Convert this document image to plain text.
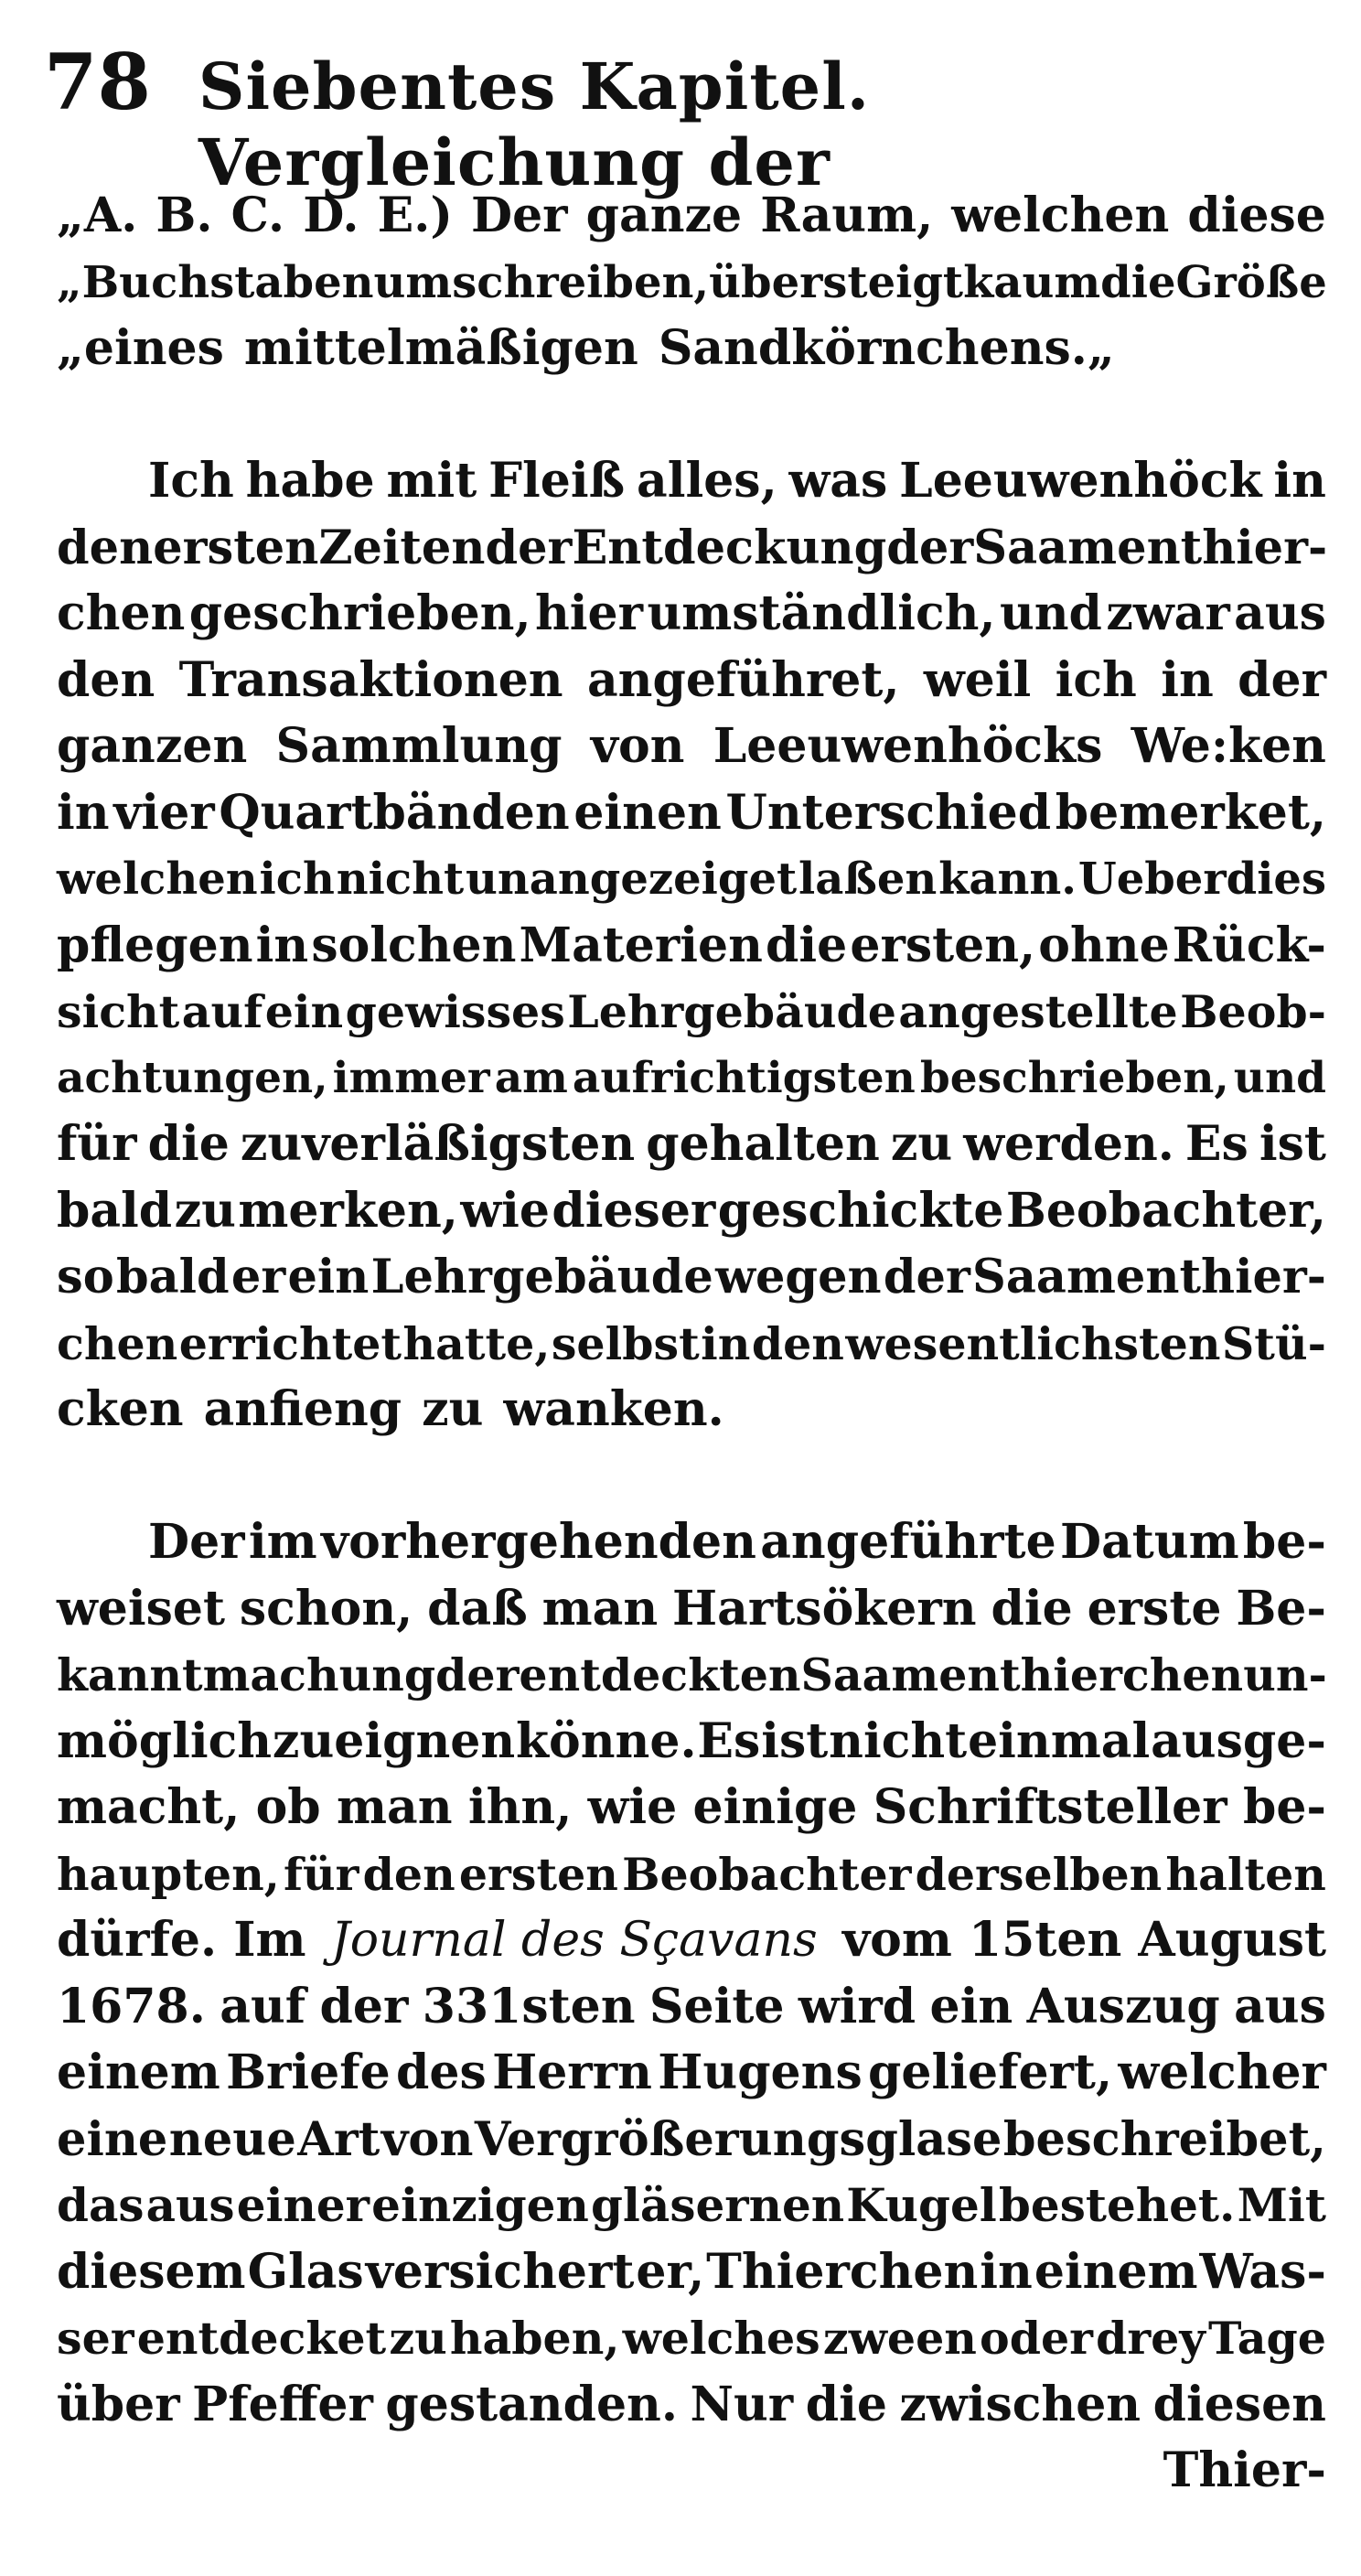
78 Siebentes Kapitel. Vergleichung der
„A. B. C. D. E.) Der ganze Raum, welchen diese
„Buchstaben umschreiben, übersteigt kaum die Größe
„eines mittelmäßigen Sandkörnchens.„
Ich habe mit Fleiß alles, was Leeuwenhöck in
den ersten Zeiten der Entdeckung der Saamenthier-
chen geschrieben, hier umständlich, und zwar aus
den Transaktionen angeführet, weil ich in der
ganzen Sammlung von Leeuwenhöcks We:ken
in vier Quartbänden einen Unterschied bemerket,
welchen ich nicht unangezeiget laßen kann. Ueberdies
pflegen in solchen Materien die ersten, ohne Rück-
sicht auf ein gewisses Lehrgebäude angestellte Beob-
achtungen, immer am aufrichtigsten beschrieben, und
für die zuverläßigsten gehalten zu werden. Es ist
bald zu merken, wie dieser geschickte Beobachter,
so bald er ein Lehrgebäude wegen der Saamenthier-
chen errichtet hatte, selbst in den wesentlichsten Stü-
cken anfieng zu wanken.
Der im vorhergehenden angeführte Datum be-
weiset schon, daß man Hartsökern die erste Be-
kanntmachung der entdeckten Saamenthierchen un-
möglich zueignen könne. Es ist nicht einmal ausge-
macht, ob man ihn, wie einige Schriftsteller be-
haupten, für den ersten Beobachter derselben halten
dürfe. Im Journal des Sçavans vom 15ten August
1678. auf der 331sten Seite wird ein Auszug aus
einem Briefe des Herrn Hugens geliefert, welcher
eine neue Art von Vergrößerungsglase beschreibet,
das aus einer einzigen gläsernen Kugel bestehet. Mit
diesem Glas versichert er, Thierchen in einem Was-
ser entdecket zu haben, welches zween oder drey Tage
über Pfeffer gestanden. Nur die zwischen diesen
Thier-
